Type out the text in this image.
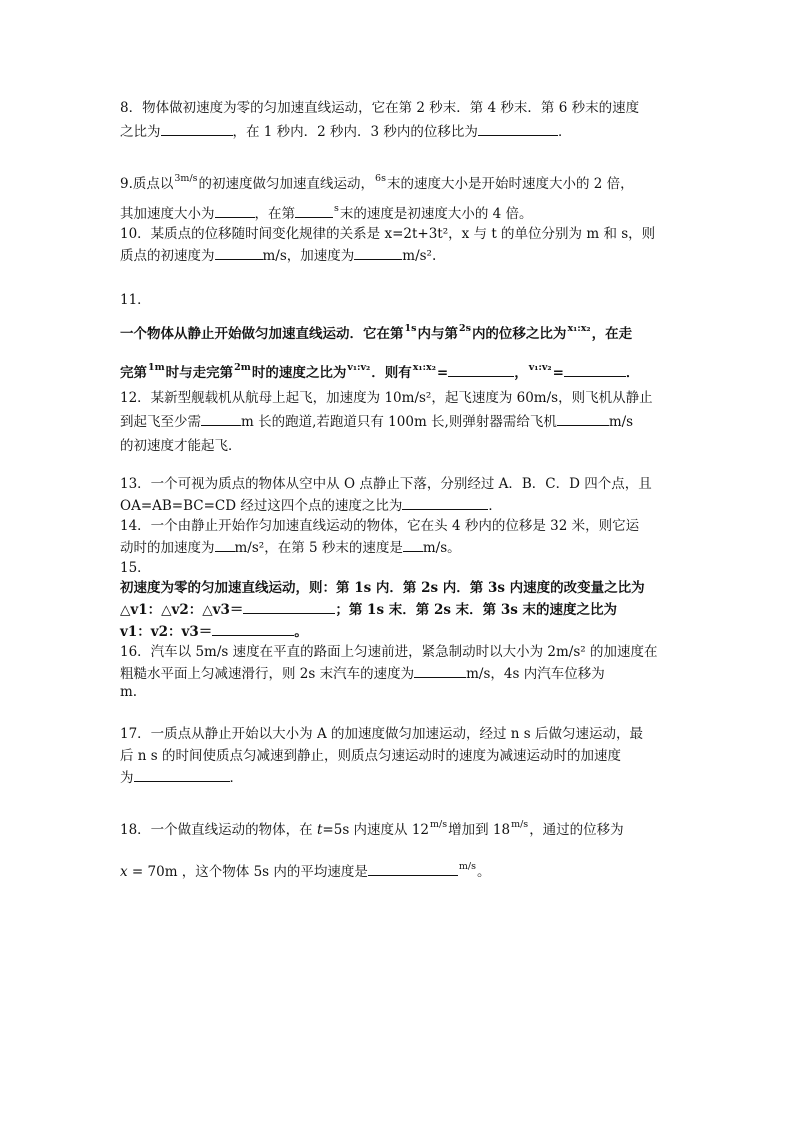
8．物体做初速度为零的匀加速直线运动，它在第 2 秒末．第 4 秒末．第 6 秒末的速度
之比为	，在 1 秒内．2 秒内．3 秒内的位移比为	．
9.质点以$^{3m/s}$的初速度做匀加速直线运动，$^{6s}$末的速度大小是开始时速度大小的 2 倍，
其加速度大小为	，在第	$^s$末的速度是初速度大小的 4 倍。
10．某质点的位移随时间变化规律的关系是 x=2t+3t²，x 与 t 的单位分别为 m 和 s，则
质点的初速度为	m/s，加速度为	m/s².
11．
一个物体从静止开始做匀加速直线运动．它在第$^{1s}$内与第$^{2s}$内的位移之比为$^{x_1:x_2}$，在走
完第$^{1m}$时与走完第$^{2m}$时的速度之比为$^{v_1:v_2}$．则有$^{x_1:x_2}$=	，$^{v_1:v_2}$=	．
12．某新型舰载机从航母上起飞，加速度为 10m/s²，起飞速度为 60m/s，则飞机从静止
到起飞至少需	m 长的跑道,若跑道只有 100m 长,则弹射器需给飞机	m/s
的初速度才能起飞．
13．一个可视为质点的物体从空中从 O 点静止下落，分别经过 A．B．C．D 四个点，且
OA=AB=BC=CD 经过这四个点的速度之比为	．
14．一个由静止开始作匀加速直线运动的物体，它在头 4 秒内的位移是 32 米，则它运
动时的加速度为 m/s²，在第 5 秒末的速度是 m/s。
15．
初速度为零的匀加速直线运动，则：第 1s 内．第 2s 内．第 3s 内速度的改变量之比为
△v1：△v2：△v3＝	；第 1s 末．第 2s 末．第 3s 末的速度之比为
v1：v2：v3＝	。
16．汽车以 5m/s 速度在平直的路面上匀速前进，紧急制动时以大小为 2m/s² 的加速度在
粗糙水平面上匀减速滑行，则 2s 末汽车的速度为	m/s，4s 内汽车位移为
m.
17．一质点从静止开始以大小为 A 的加速度做匀加速运动，经过 n s 后做匀速运动，最
后 n s 的时间使质点匀减速到静止，则质点匀速运动时的速度为减速运动时的加速度
为	．
18．一个做直线运动的物体，在 t=5s 内速度从 $12^{m/s}$增加到 $18^{m/s}$，通过的位移为
x = 70m ，这个物体 5s 内的平均速度是	$^{m/s}$。
